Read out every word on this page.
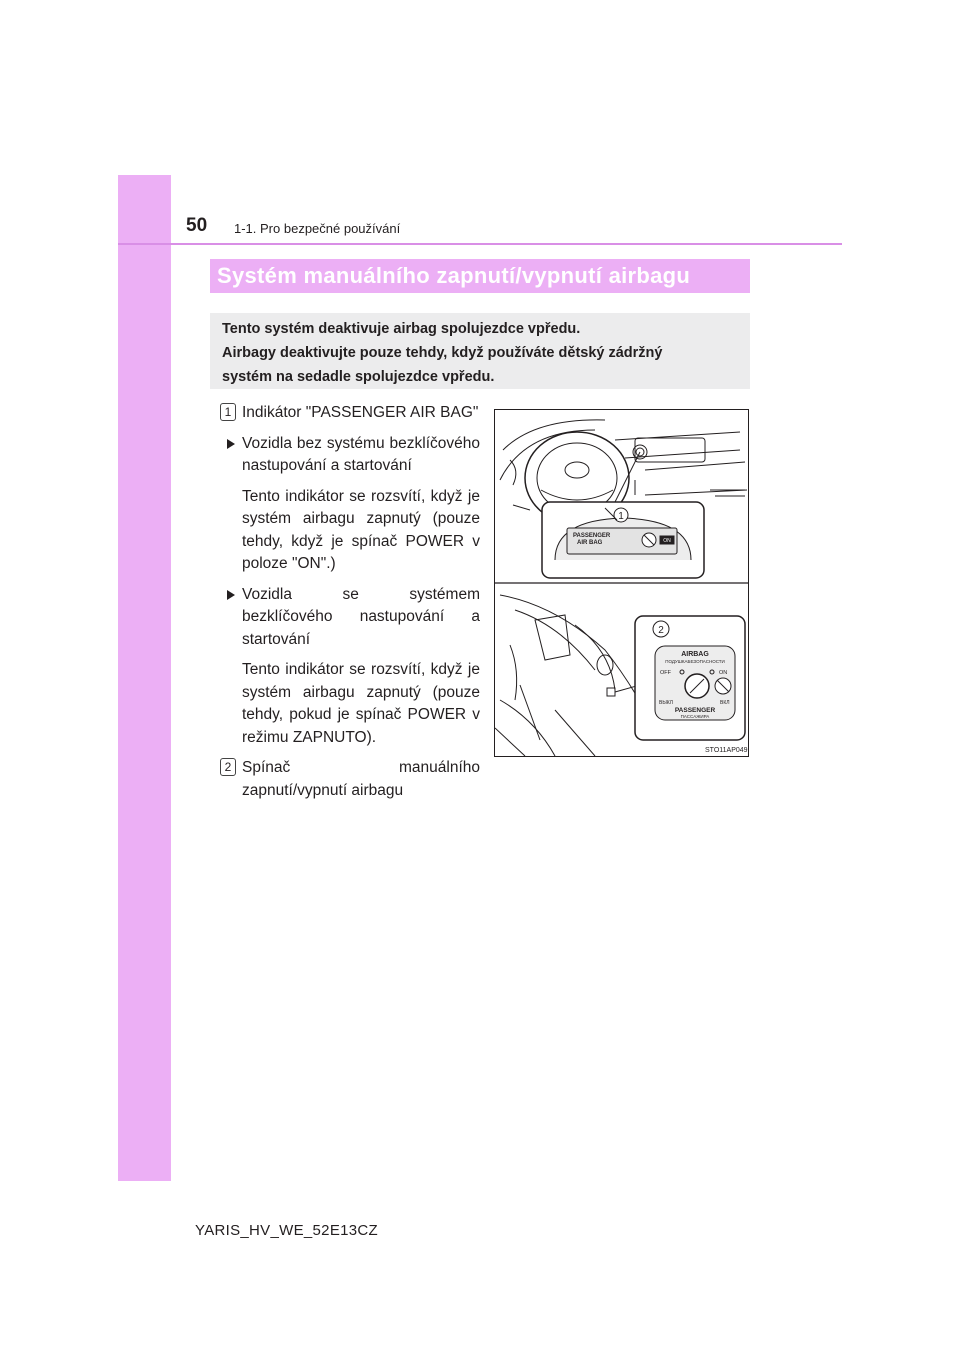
50 1-1. Pro bezpečné používání
Systém manuálního zapnutí/vypnutí airbagu
Tento systém deaktivuje airbag spolujezdce vpředu.
Airbagy deaktivujte pouze tehdy, když používáte dětský zádržný
systém na sedadle spolujezdce vpředu.
1 Indikátor "PASSENGER AIR BAG"
Vozidla bez systému bezklíčového nastupování a startování
Tento indikátor se rozsvítí, když je systém airbagu zapnutý (pouze tehdy, když je spínač POWER v poloze "ON".)
Vozidla se systémem bezklíčového nastupování a startování
Tento indikátor se rozsvítí, když je systém airbagu zapnutý (pouze tehdy, pokud je spínač POWER v režimu ZAPNUTO).
2 Spínač manuálního zapnutí/vypnutí airbagu
1
PASSENGER
AIR BAG	ON
2
AIRBAG
ПОДУШКАБЕЗОПАСНОСТИ
OFF	ON
ВЫКЛ	ВКЛ
PASSENGER
ПАССАЖИРА
STO11AP049
YARIS_HV_WE_52E13CZ
